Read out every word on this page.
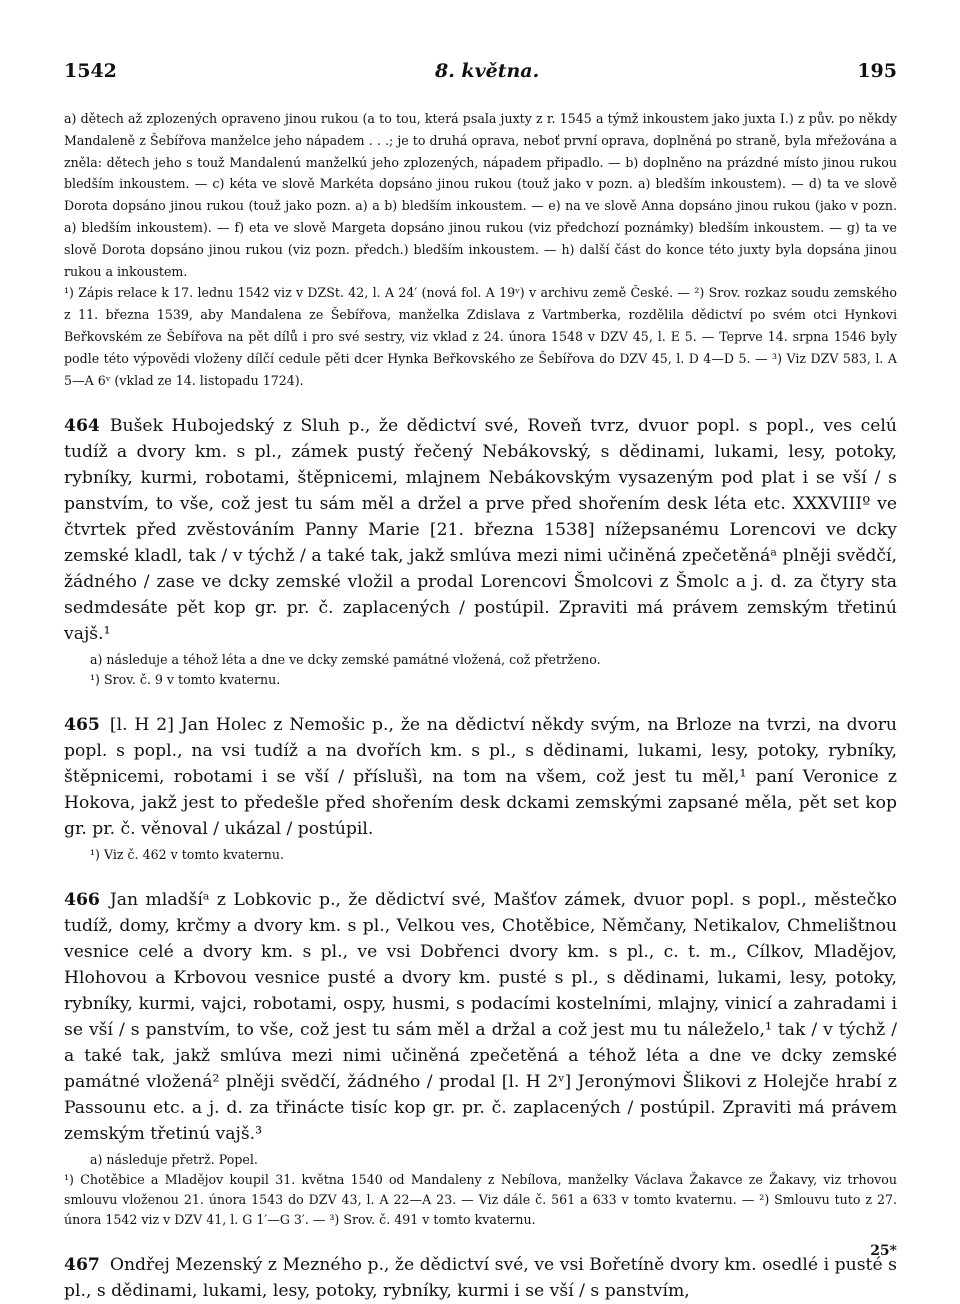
1542	8. května.	195

a) dětech až zplozených opraveno jinou rukou (a to tou, která psala juxty z r. 1545 a týmž inkoustem jako juxta I.) z pův. po někdy Mandaleně z Šebířova manželce jeho nápadem . . .; je to druhá oprava, neboť první oprava, doplněná po straně, byla mřežována a zněla: dětech jeho s touž Mandalenú manželkú jeho zplozených, nápadem připadlo. — b) doplněno na prázdné místo jinou rukou bledším inkoustem. — c) kéta ve slově Markéta dopsáno jinou rukou (touž jako v pozn. a) bledším inkoustem). — d) ta ve slově Dorota dopsáno jinou rukou (touž jako pozn. a) a b) bledším inkoustem. — e) na ve slově Anna dopsáno jinou rukou (jako v pozn. a) bledším inkoustem). — f) eta ve slově Margeta dopsáno jinou rukou (viz předchozí poznámky) bledším inkoustem. — g) ta ve slově Dorota dopsáno jinou rukou (viz pozn. předch.) bledším inkoustem. — h) další část do konce této juxty byla dopsána jinou rukou a inkoustem.

¹) Zápis relace k 17. lednu 1542 viz v DZSt. 42, l. A 24′ (nová fol. A 19ᵛ) v archivu země České. — ²) Srov. rozkaz soudu zemského z 11. března 1539, aby Mandalena ze Šebířova, manželka Zdislava z Vartmberka, rozdělila dědictví po svém otci Hynkovi Beřkovském ze Šebířova na pět dílů i pro své sestry, viz vklad z 24. února 1548 v DZV 45, l. E 5. — Teprve 14. srpna 1546 byly podle této výpovědi vloženy dílčí cedule pěti dcer Hynka Beřkovského ze Šebířova do DZV 45, l. D 4—D 5. — ³) Viz DZV 583, l. A 5—A 6ᵛ (vklad ze 14. listopadu 1724).

464 Bušek Hubojedský z Sluh p., že dědictví své, Roveň tvrz, dvuor popl. s popl., ves celú tudíž a dvory km. s pl., zámek pustý řečený Nebákovský, s dědinami, lukami, lesy, potoky, rybníky, kurmi, robotami, štěpnicemi, mlajnem Nebákovským vysazeným pod plat i se vší / s panstvím, to vše, což jest tu sám měl a držel a prve před shořením desk léta etc. XXXVIIIº ve čtvrtek před zvěstováním Panny Marie [21. března 1538] nížepsanému Lorencovi ve dcky zemské kladl, tak / v týchž / a také tak, jakž smlúva mezi nimi učiněná zpečetěnáᵃ plněji svědčí, žádného / zase ve dcky zemské vložil a prodal Lorencovi Šmolcovi z Šmolc a j. d. za čtyry sta sedmdesáte pět kop gr. pr. č. zaplacených / postúpil. Zpraviti má právem zemským třetinú vajš.¹

a) následuje a téhož léta a dne ve dcky zemské památné vložená, což přetrženo.

¹) Srov. č. 9 v tomto kvaternu.

465 [l. H 2] Jan Holec z Nemošic p., že na dědictví někdy svým, na Brloze na tvrzi, na dvoru popl. s popl., na vsi tudíž a na dvořích km. s pl., s dědinami, lukami, lesy, potoky, rybníky, štěpnicemi, robotami i se vší / příslušì, na tom na všem, což jest tu měl,¹ paní Veronice z Hokova, jakž jest to předešle před shořením desk dckami zemskými zapsané měla, pět set kop gr. pr. č. věnoval / ukázal / postúpil.

¹) Viz č. 462 v tomto kvaternu.

466 Jan mladšíᵃ z Lobkovic p., že dědictví své, Mašťov zámek, dvuor popl. s popl., městečko tudíž, domy, krčmy a dvory km. s pl., Velkou ves, Chotěbice, Němčany, Netikalov, Chmelištnou vesnice celé a dvory km. s pl., ve vsi Dobřenci dvory km. s pl., c. t. m., Cílkov, Mladějov, Hlohovou a Krbovou vesnice pusté a dvory km. pusté s pl., s dědinami, lukami, lesy, potoky, rybníky, kurmi, vajci, robotami, ospy, husmi, s podacími kostelními, mlajny, vinicí a zahradami i se vší / s panstvím, to vše, což jest tu sám měl a držal a což jest mu tu náleželo,¹ tak / v týchž / a také tak, jakž smlúva mezi nimi učiněná zpečetěná a téhož léta a dne ve dcky zemské památné vložená² plněji svědčí, žádného / prodal [l. H 2ᵛ] Jeronýmovi Šlikovi z Holejče hrabí z Passounu etc. a j. d. za třinácte tisíc kop gr. pr. č. zaplacených / postúpil. Zpraviti má právem zemským třetinú vajš.³

a) následuje přetrž. Popel.

¹) Chotěbice a Mladějov koupil 31. května 1540 od Mandaleny z Nebílova, manželky Václava Žakavce ze Žakavy, viz trhovou smlouvu vloženou 21. února 1543 do DZV 43, l. A 22—A 23. — Viz dále č. 561 a 633 v tomto kvaternu. — ²) Smlouvu tuto z 27. února 1542 viz v DZV 41, l. G 1′—G 3′. — ³) Srov. č. 491 v tomto kvaternu.

467 Ondřej Mezenský z Mezného p., že dědictví své, ve vsi Bořetíně dvory km. osedlé i pusté s pl., s dědinami, lukami, lesy, potoky, rybníky, kurmi i se vší / s panstvím,

25*
